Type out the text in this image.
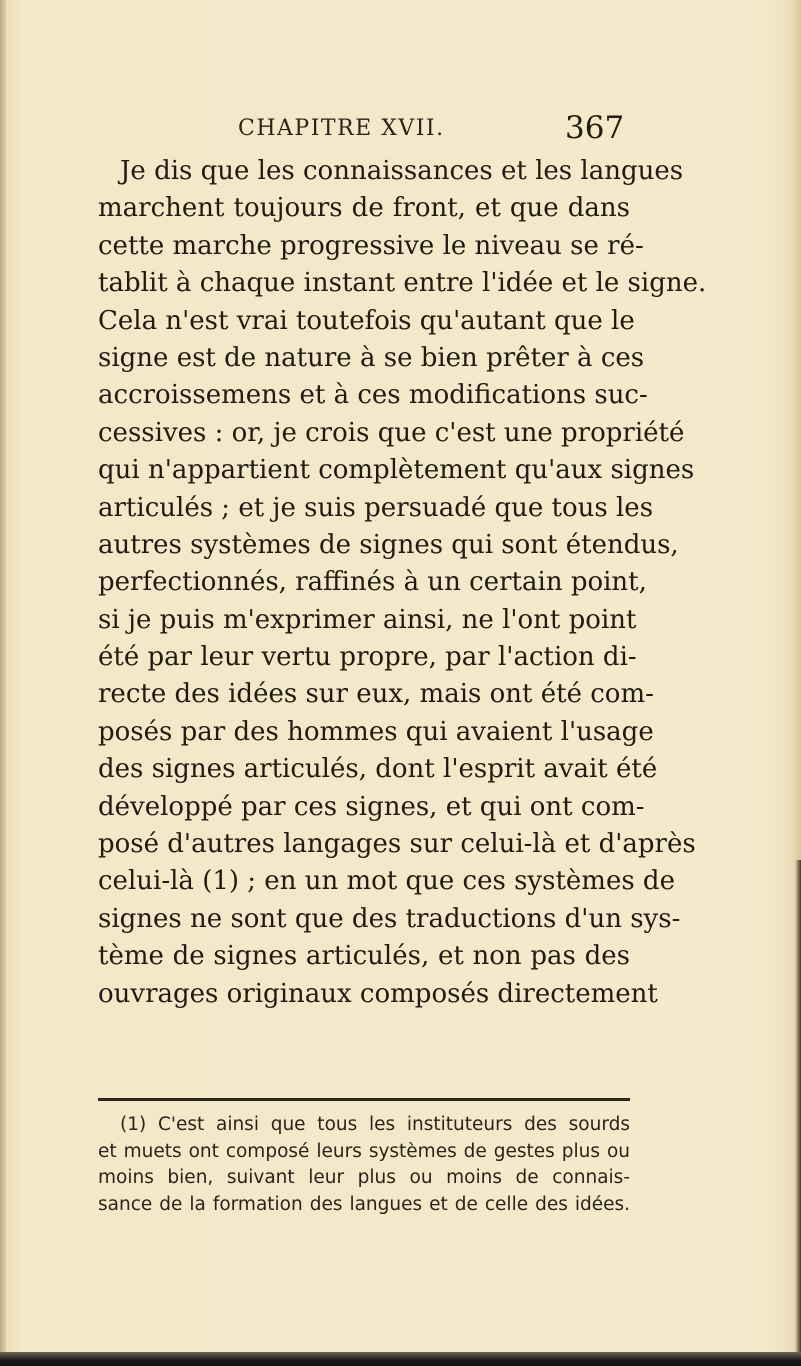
CHAPITRE XVII.	367
Je dis que les connaissances et les langues
marchent toujours de front, et que dans
cette marche progressive le niveau se ré-
tablit à chaque instant entre l'idée et le signe.
Cela n'est vrai toutefois qu'autant que le
signe est de nature à se bien prêter à ces
accroissemens et à ces modifications suc-
cessives : or, je crois que c'est une propriété
qui n'appartient complètement qu'aux signes
articulés ; et je suis persuadé que tous les
autres systèmes de signes qui sont étendus,
perfectionnés, raffinés à un certain point,
si je puis m'exprimer ainsi, ne l'ont point
été par leur vertu propre, par l'action di-
recte des idées sur eux, mais ont été com-
posés par des hommes qui avaient l'usage
des signes articulés, dont l'esprit avait été
développé par ces signes, et qui ont com-
posé d'autres langages sur celui-là et d'après
celui-là (1) ; en un mot que ces systèmes de
signes ne sont que des traductions d'un sys-
tème de signes articulés, et non pas des
ouvrages originaux composés directement
(1) C'est ainsi que tous les instituteurs des sourds
et muets ont composé leurs systèmes de gestes plus ou
moins bien, suivant leur plus ou moins de connais-
sance de la formation des langues et de celle des idées.
